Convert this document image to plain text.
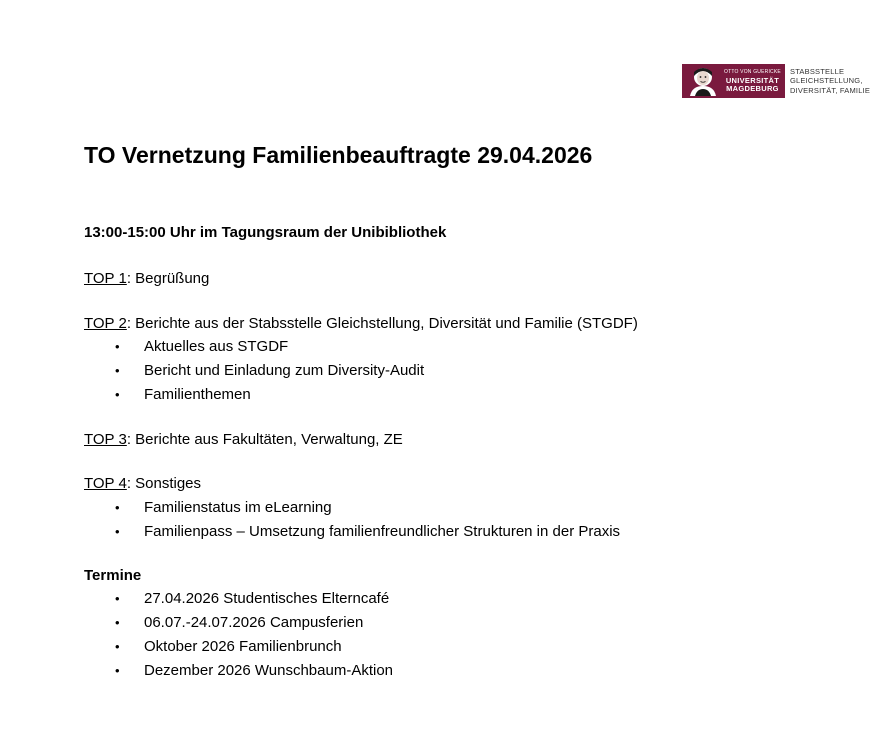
OTTO VON GUERICKE
UNIVERSITÄT
MAGDEBURG
STABSSTELLE
GLEICHSTELLUNG,
DIVERSITÄT, FAMILIE
TO Vernetzung Familienbeauftragte 29.04.2026

13:00-15:00 Uhr im Tagungsraum der Unibibliothek

TOP 1: Begrüßung

TOP 2: Berichte aus der Stabsstelle Gleichstellung, Diversität und Familie (STGDF)

•	Aktuelles aus STGDF
•	Bericht und Einladung zum Diversity-Audit
•	Familienthemen

TOP 3: Berichte aus Fakultäten, Verwaltung, ZE

TOP 4: Sonstiges

•	Familienstatus im eLearning
•	Familienpass – Umsetzung familienfreundlicher Strukturen in der Praxis

Termine

•	27.04.2026 Studentisches Elterncafé
•	06.07.-24.07.2026 Campusferien
•	Oktober 2026 Familienbrunch
•	Dezember 2026 Wunschbaum-Aktion
